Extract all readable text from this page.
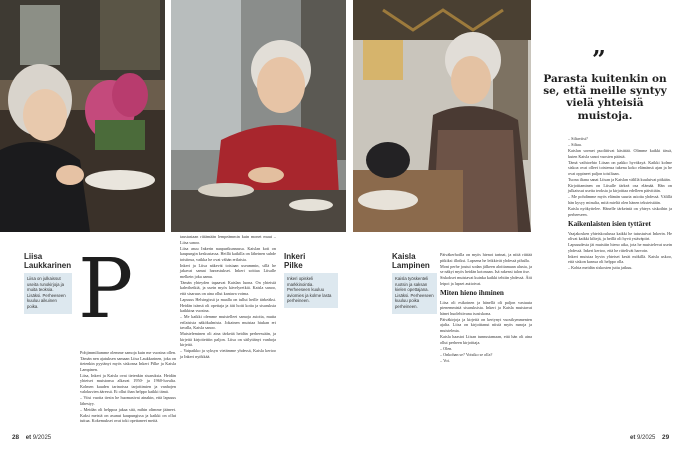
Liisa
Laukkarinen
Liisa on julkaissut useita runokirjoja ja muita teoksia. Lisäksi. Perheeseen kuuluu aikuinen poika.
Inkeri
Pilke
Inkeri opiskeli markkinointia. Perheeseen kuuluu aviomies ja kolme lasta perheineen.
Kaisla
Lampinen
Kaisla työskenteli ruotsin ja saksan kielen opettajana. Lisäksi. Perheeseen kuuluu poika perheineen.
P

Pohjimmiltamme olemme samoja kuin me vuosina ollen. Tämän nen ajatuksen samaan Liisa Laukkarinen, joka on tietenkin pyytänyt myös siskonsa Inkeri Pilke ja Kaisla Lampinen.

Liisa, Inkeri ja Kaisla ovat tietenkin sisaruksia. Heidän yhteiset muistonsa alkavat 1950- ja 1960-luvulta. Kolmen kauden tarinoissa tarjottimien ja vanhojen valokuvien ääressä. Ei ollut ihan helppo kaikki tämä.

– Viisi vuotta tiesin he huomasivat ainakin, että lapsuus lähestyy.

– Meidän oli helppoa jakaa sitä, mihin olimme jääneet. Kaksi meistä on asunut kaupungissa ja kaikki on ollut tuttua. Kokemukset ovat toki opettaneet meitä.

taustastaan riitämään lempeämmin kuin monet muut – Liisa sanoo.

Liisa asuu Inkerin naapurikunnassa. Kaislan koti on kaupungin keskustassa. Heillä kaikilla on läheinen suhde toisiinsa, vaikka he ovat vähän erilaisia.

Inkeri ja Liisa näkevät toisiaan useammin, sillä he jakavat samat harrastukset. Inkeri soittaa Liisalle melkein joka aamu.

Tämän yhteyden tapaavat Kaislan luona. On yhteisiä kahvihetkiä, ja usein myös kävelyretkiä. Kaisla sanoo, että sisaruus on aina ollut kantava voima.

Lapsuus Helsingissä ja maalla on tullut heille tärkeäksi. Heidän isänsä oli opettaja ja äiti hoiti kotia ja sisaruksia kaikkina vuosina.

– Me kaikki olemme muistelleet samoja asioita, mutta erilaisista näkökulmista. Jokainen muistaa hiukan eri tavalla, Kaisla sanoo.

Muisteleminen oli aina tärkeää heidän perheessään, ja kirjeitä kirjoitettiin paljon. Liisa on säilyttänyt vanhoja kirjeitä.

– Vaipaikko ja syksyn vietämme yhdessä, Kaisla kertoo ja Inkeri nyökkää.

Päiväkerhoilla on myös hienot tarinat, ja niitä riittää pitkiksi illoiksi. Lapsena he leikkivät yhdessä pihalla.

Moni perhe joutui sodan jälkeen aloittamaan alusta, ja se näkyi myös heidän kotonaan. Isä rakensi talon itse.

Siskokset muistavat kuinka kaikki tehtiin yhdessä. Äiti leipoi ja lapset auttoivat.

Miten hieno ihminen

Liisa oli esikoinen ja hänellä oli paljon vastuuta pienemmistä sisaruksista. Inkeri ja Kaisla muistavat hänet huolehtivana isosiskona.

Päiväkirjoja ja kirjeitä on kertynyt vuosikymmenten ajalta. Liisa on kirjoittanut niistä myös runoja ja muistelmia.

Kaisla haastoi Liisan tunnustamaan, että hän oli aina ollut perheen kirjoittaja.

– Olen.

– Onkohan se? Voisiko se olla?

– Voi.

”
Parasta kuitenkin on se, että meille syntyy vielä yhteisiä muistoja.

– Siltaviisi?

– Siltaa.

Kaislan sormet puolittivat käsittää. Olimme kaikki tässä, kuten Kaisla sanoi vuosien päästä.

Tämä vaihtoehto Liisan on pakko hyväksyä. Kaikki kolme siskoa ovat olleet toistensa tukena koko elämänsä ajan ja he ovat oppineet paljon toisiltaan.

Tuona iltana sanat Liisan ja Kaislan välillä kuuluivat pitkään.

Kirjoittaminen on Liisalle tärkeä osa elämää. Hän on julkaissut useita teoksia ja kirjoittaa edelleen päivittäin.

– Me pohdimme myös elämän suuria asioita yhdessä. Välillä hän kysyy minulta, mitä mieltä olen hänen teksteistään.

Kaisla nyökyttelee. Hänelle tärkeintä on yhteys siskoihin ja perheeseen.

Kaikenlaisten isien tyttäret

Vaajakosken yhteiskoulussa kaikki he tutustuivat Inkerin. He olivat kaikki kiltejä, ja heillä oli hyvä ystäväpiiri.

Lapsuudesta jäi muistiin hieno aika, jota he muistelevat usein yhdessä. Inkeri kertoo, että he riitelivät harvoin.

Inkeri muistaa hyvin yhteiset kesät mökillä. Kaisla uskoo, että siskon kanssa oli helppo olla.

– Kohta meidän siskosten juttu jatkuu.

28 et 9/2025	et 9/2025 29
